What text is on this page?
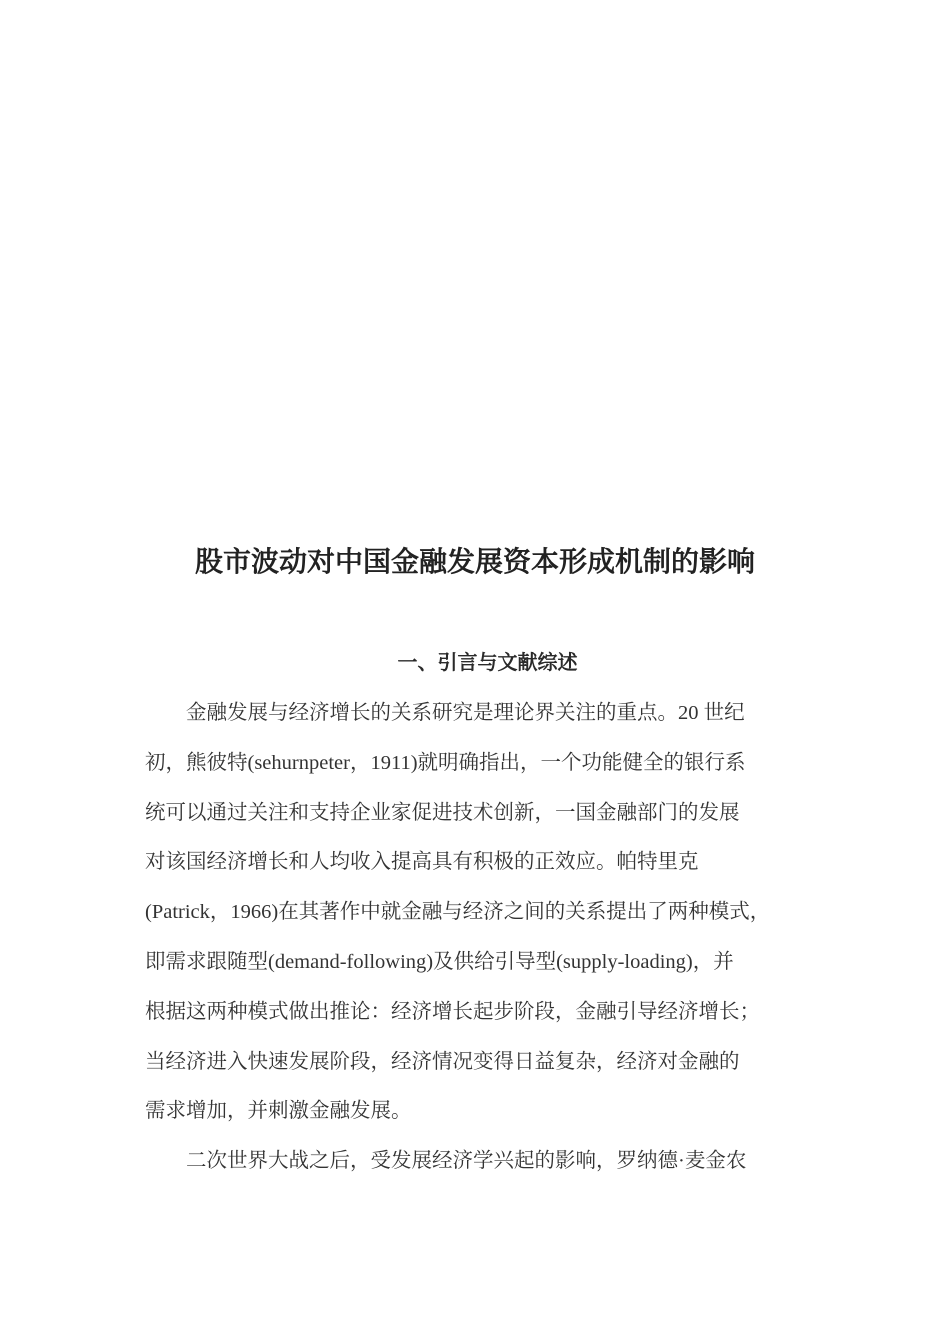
股市波动对中国金融发展资本形成机制的影响
一、引言与文献综述
金融发展与经济增长的关系研究是理论界关注的重点。20 世纪
初，熊彼特(sehurnpeter，1911)就明确指出，一个功能健全的银行系
统可以通过关注和支持企业家促进技术创新，一国金融部门的发展
对该国经济增长和人均收入提高具有积极的正效应。帕特里克
(Patrick，1966)在其著作中就金融与经济之间的关系提出了两种模式，
即需求跟随型(demand-following)及供给引导型(supply-loading)，并
根据这两种模式做出推论：经济增长起步阶段，金融引导经济增长；
当经济进入快速发展阶段，经济情况变得日益复杂，经济对金融的
需求增加，并刺激金融发展。
二次世界大战之后，受发展经济学兴起的影响，罗纳德·麦金农
